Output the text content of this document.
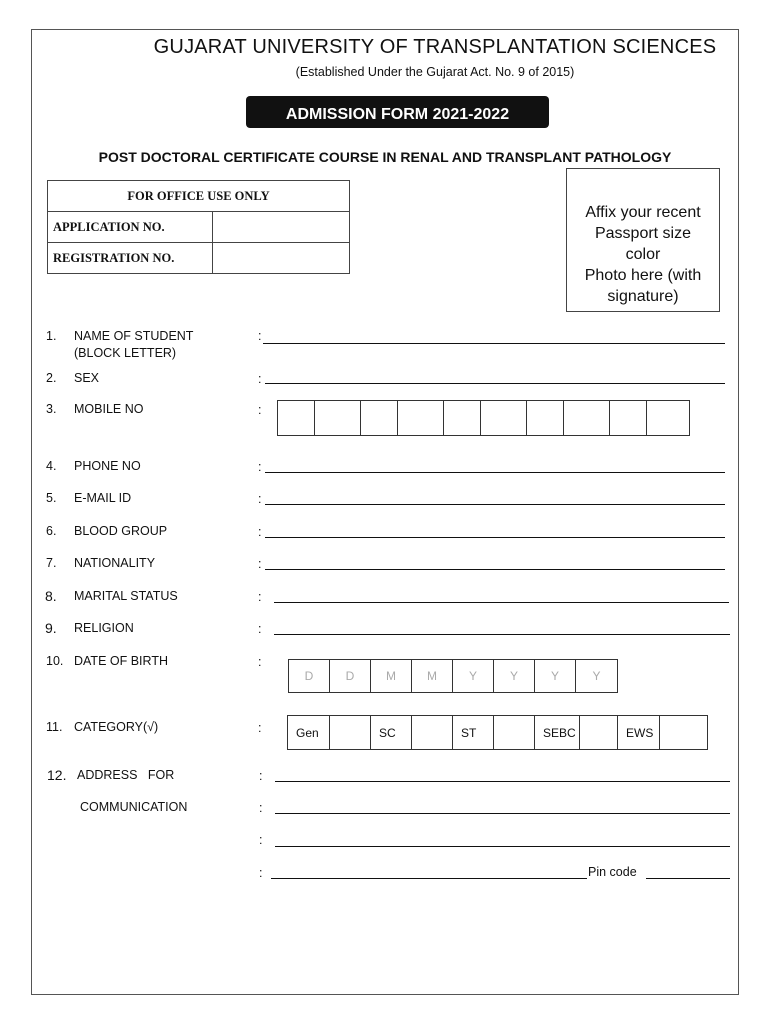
GUJARAT UNIVERSITY OF TRANSPLANTATION SCIENCES
(Established Under the Gujarat Act. No. 9 of 2015)
ADMISSION FORM 2021-2022
POST DOCTORAL CERTIFICATE COURSE IN RENAL AND TRANSPLANT PATHOLOGY
FOR OFFICE USE ONLY	
APPLICATION NO.	
REGISTRATION NO.	
Affix your recent
Passport size
color
Photo here (with
signature)
1. NAME OF STUDENT
(BLOCK LETTER)
:
2. SEX	:
3. MOBILE NO	:
4. PHONE NO	:
5. E-MAIL ID	:
6. BLOOD GROUP	:
7. NATIONALITY	:
8. MARITAL STATUS	:
9. RELIGION	:
10. DATE OF BIRTH	:
D	D	M	M	Y	Y	Y	Y
11. CATEGORY(√)	:	Gen	SC	ST	SEBC	EWS
12. ADDRESS   FOR
COMMUNICATION
:
:
:
:	Pin code
